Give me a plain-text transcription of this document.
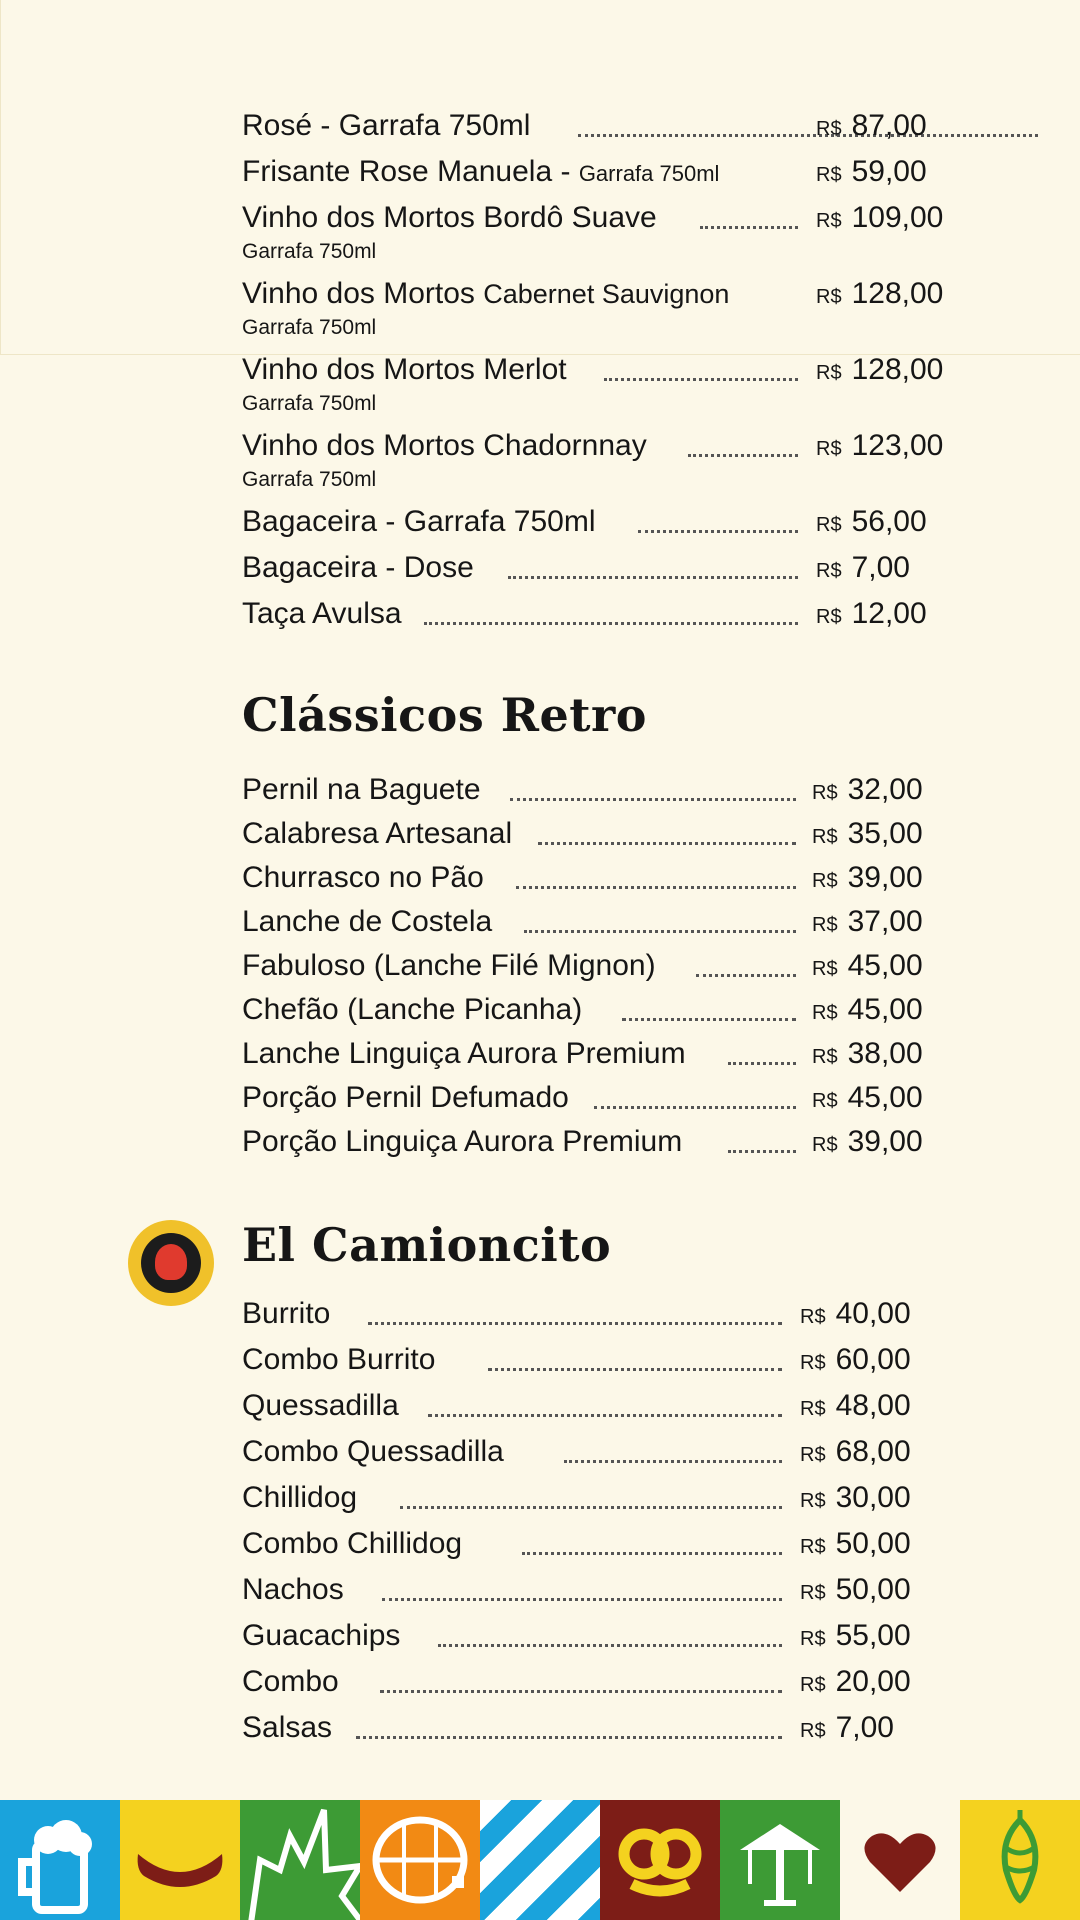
Rosé - Garrafa 750ml	R$ 87,00
Frisante Rose Manuela - Garrafa 750ml	R$ 59,00
Vinho dos Mortos Bordô Suave	R$ 109,00
Garrafa 750ml
Vinho dos Mortos Cabernet Sauvignon	R$ 128,00
Garrafa 750ml
Vinho dos Mortos Merlot	R$ 128,00
Garrafa 750ml
Vinho dos Mortos Chadornnay	R$ 123,00
Garrafa 750ml
Bagaceira - Garrafa 750ml	R$ 56,00
Bagaceira - Dose	R$ 7,00
Taça Avulsa	R$ 12,00
Clássicos Retro
Pernil na Baguete	R$ 32,00
Calabresa Artesanal	R$ 35,00
Churrasco no Pão	R$ 39,00
Lanche de Costela	R$ 37,00
Fabuloso (Lanche Filé Mignon)	R$ 45,00
Chefão (Lanche Picanha)	R$ 45,00
Lanche Linguiça Aurora Premium	R$ 38,00
Porção Pernil Defumado	R$ 45,00
Porção Linguiça Aurora Premium	R$ 39,00
El Camioncito
Burrito	R$ 40,00
Combo Burrito	R$ 60,00
Quessadilla	R$ 48,00
Combo Quessadilla	R$ 68,00
Chillidog	R$ 30,00
Combo Chillidog	R$ 50,00
Nachos	R$ 50,00
Guacachips	R$ 55,00
Combo	R$ 20,00
Salsas	R$ 7,00
